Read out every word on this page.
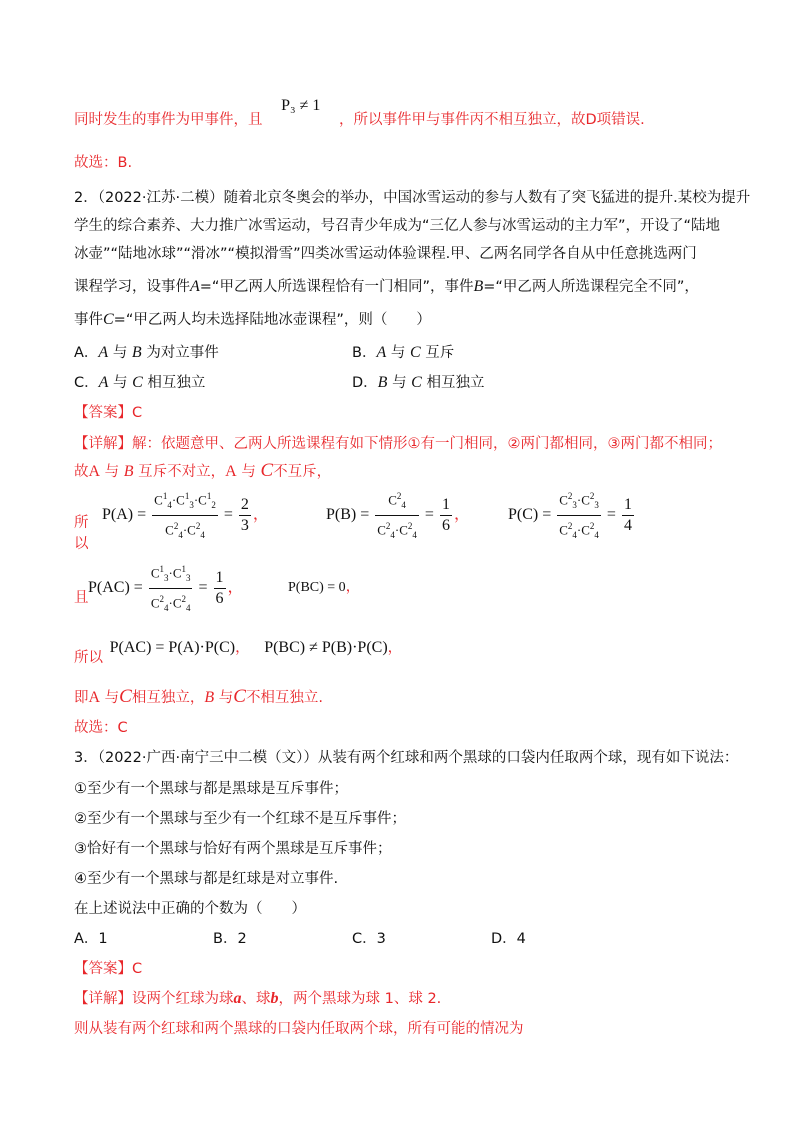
同时发生的事件为甲事件，且 P₃ ≠ 1 ，所以事件甲与事件丙不相互独立，故D项错误.
故选：B.
2．（2022·江苏·二模）随着北京冬奥会的举办，中国冰雪运动的参与人数有了突飞猛进的提升.某校为提升
学生的综合素养、大力推广冰雪运动，号召青少年成为“三亿人参与冰雪运动的主力军”，开设了“陆地
冰壶”“陆地冰球”“滑冰”“模拟滑雪”四类冰雪运动体验课程.甲、乙两名同学各自从中任意挑选两门
课程学习，设事件A=“甲乙两人所选课程恰有一门相同”，事件B=“甲乙两人所选课程完全不同”，
事件C=“甲乙两人均未选择陆地冰壶课程”，则（　　）
A．A 与 B 为对立事件	B．A 与 C 互斥
C．A 与 C 相互独立	D．B 与 C 相互独立
【答案】C
【详解】解：依题意甲、乙两人所选课程有如下情形①有一门相同，②两门都相同，③两门都不相同；
故A 与 B 互斥不对立，A 与 C不互斥，
所以
$P(A) = \frac{C^1_4\cdot C^1_3\cdot C^1_2}{C^2_4\cdot C^2_4} = \frac{2}{3}$ ，	$P(B) = \frac{C^2_4}{C^2_4\cdot C^2_4} = \frac{1}{6}$ ， $P(C) = \frac{C^2_3\cdot C^2_3}{C^2_4\cdot C^2_4} = \frac{1}{4}$
且
$P(AC) = \frac{C^1_3\cdot C^1_3}{C^2_4\cdot C^2_4} = \frac{1}{6}$ ，	P(BC) = 0，
所以 P(AC) = P(A)·P(C)， P(BC) ≠ P(B)·P(C)，
即A 与C相互独立，B 与C不相互独立.
故选：C
3．（2022·广西·南宁三中二模（文））从装有两个红球和两个黑球的口袋内任取两个球，现有如下说法：
①至少有一个黑球与都是黑球是互斥事件；
②至少有一个黑球与至少有一个红球不是互斥事件；
③恰好有一个黑球与恰好有两个黑球是互斥事件；
④至少有一个黑球与都是红球是对立事件.
在上述说法中正确的个数为（　　）
A．1	B．2	C．3	D．4
【答案】C
【详解】设两个红球为球a、球b，两个黑球为球 1、球 2.
则从装有两个红球和两个黑球的口袋内任取两个球，所有可能的情况为
